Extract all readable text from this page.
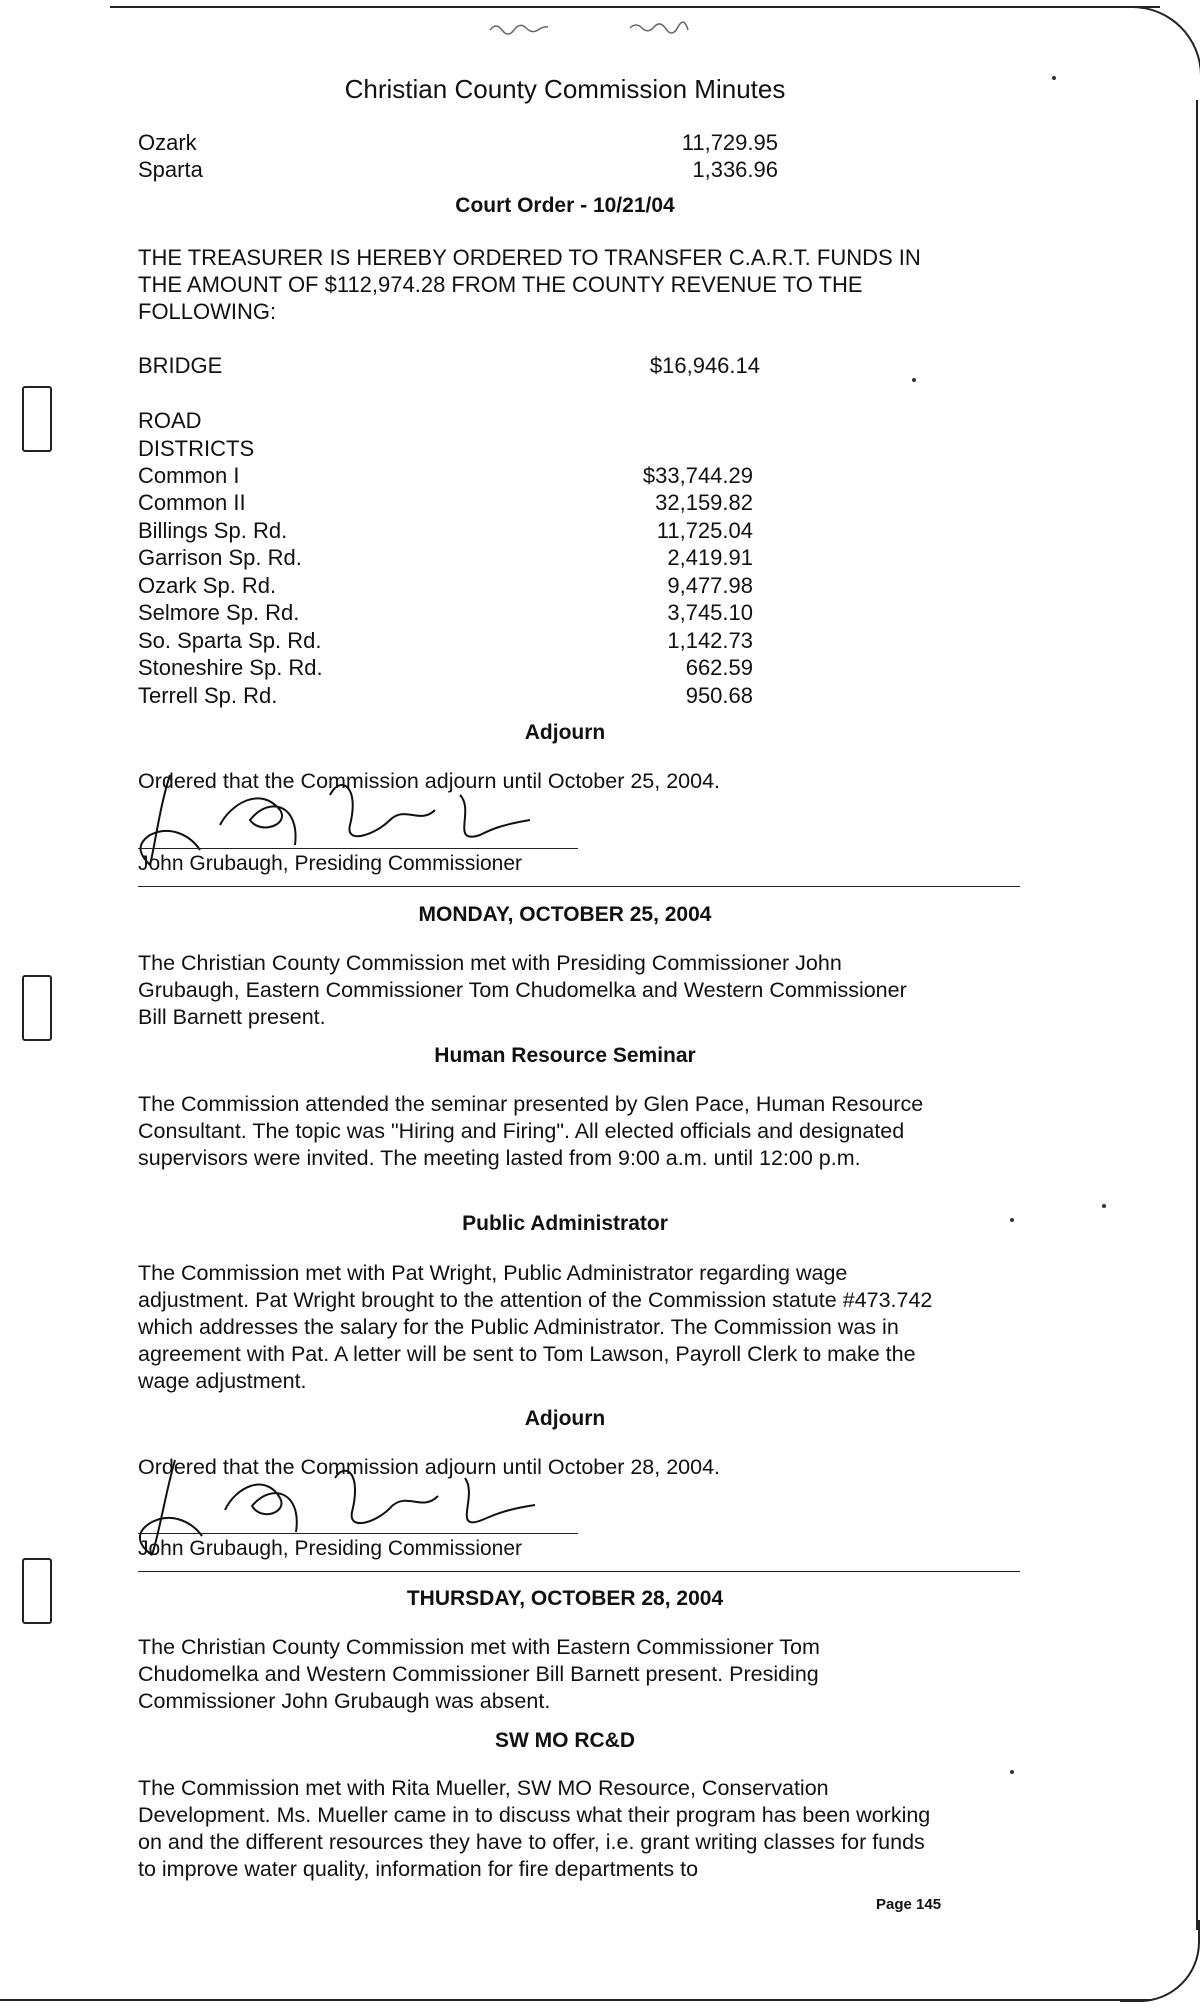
Christian County Commission Minutes
Ozark	11,729.95
Sparta	1,336.96
Court Order - 10/21/04
THE TREASURER IS HEREBY ORDERED TO TRANSFER C.A.R.T. FUNDS IN THE AMOUNT OF $112,974.28 FROM THE COUNTY REVENUE TO THE FOLLOWING:
BRIDGE	$16,946.14
ROAD
DISTRICTS
Common I	$33,744.29
Common II	32,159.82
Billings Sp. Rd.	11,725.04
Garrison Sp. Rd.	2,419.91
Ozark Sp. Rd.	9,477.98
Selmore Sp. Rd.	3,745.10
So. Sparta Sp. Rd.	1,142.73
Stoneshire Sp. Rd.	662.59
Terrell Sp. Rd.	950.68
Adjourn
Ordered that the Commission adjourn until October 25, 2004.
John Grubaugh, Presiding Commissioner
MONDAY, OCTOBER 25, 2004
The Christian County Commission met with Presiding Commissioner John Grubaugh, Eastern Commissioner Tom Chudomelka and Western Commissioner Bill Barnett present.
Human Resource Seminar
The Commission attended the seminar presented by Glen Pace, Human Resource Consultant. The topic was "Hiring and Firing". All elected officials and designated supervisors were invited. The meeting lasted from 9:00 a.m. until 12:00 p.m.
Public Administrator
The Commission met with Pat Wright, Public Administrator regarding wage adjustment. Pat Wright brought to the attention of the Commission statute #473.742 which addresses the salary for the Public Administrator. The Commission was in agreement with Pat. A letter will be sent to Tom Lawson, Payroll Clerk to make the wage adjustment.
Adjourn
Ordered that the Commission adjourn until October 28, 2004.
John Grubaugh, Presiding Commissioner
THURSDAY, OCTOBER 28, 2004
The Christian County Commission met with Eastern Commissioner Tom Chudomelka and Western Commissioner Bill Barnett present. Presiding Commissioner John Grubaugh was absent.
SW MO RC&D
The Commission met with Rita Mueller, SW MO Resource, Conservation Development. Ms. Mueller came in to discuss what their program has been working on and the different resources they have to offer, i.e. grant writing classes for funds to improve water quality, information for fire departments to
Page 145
